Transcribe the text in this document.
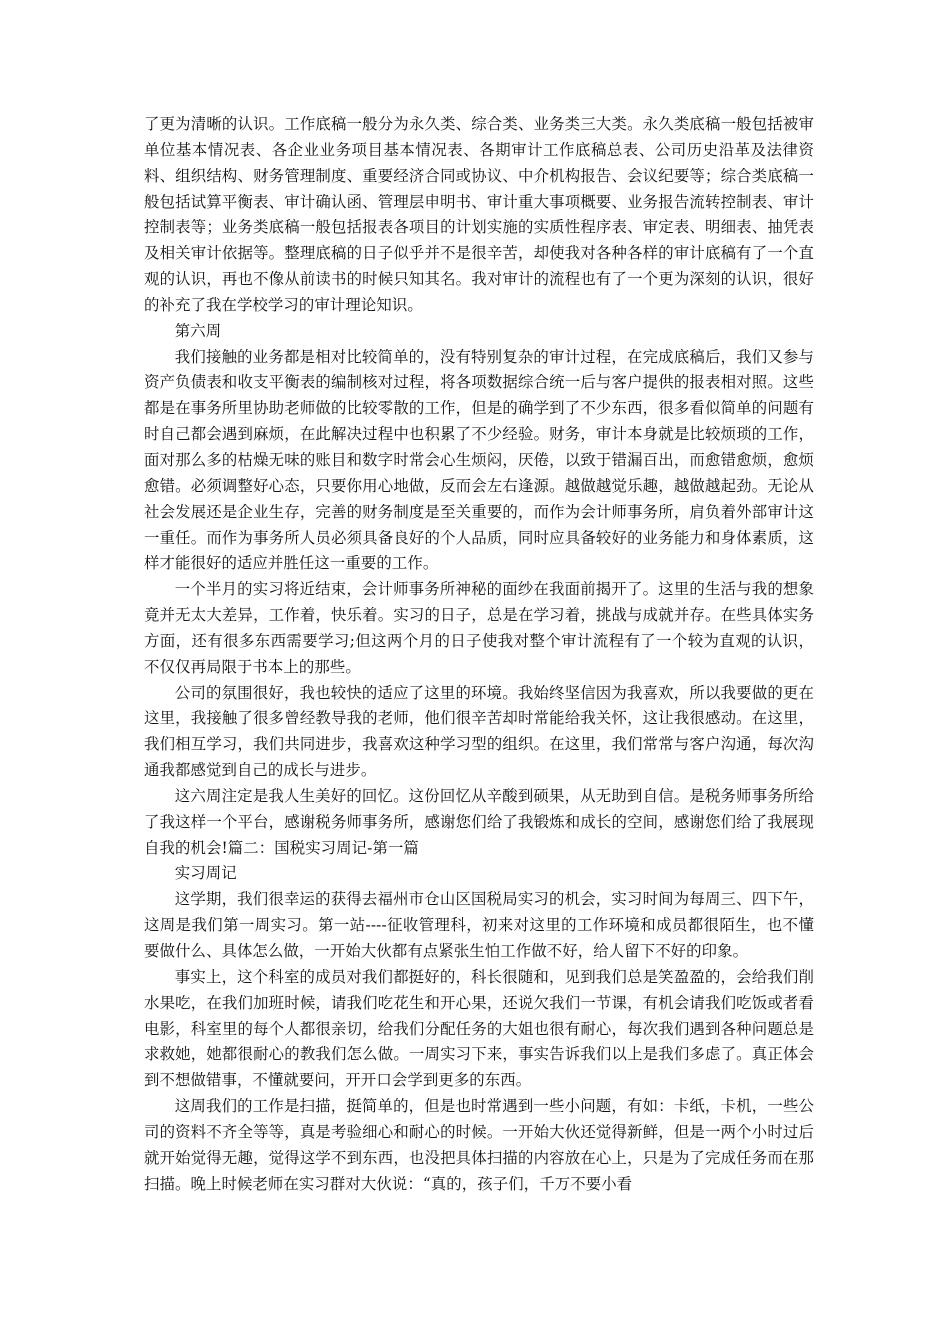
了更为清晰的认识。工作底稿一般分为永久类、综合类、业务类三大类。永久类底稿一般包括被审单位基本情况表、各企业业务项目基本情况表、各期审计工作底稿总表、公司历史沿革及法律资料、组织结构、财务管理制度、重要经济合同或协议、中介机构报告、会议纪要等；综合类底稿一般包括试算平衡表、审计确认函、管理层申明书、审计重大事项概要、业务报告流转控制表、审计控制表等；业务类底稿一般包括报表各项目的计划实施的实质性程序表、审定表、明细表、抽凭表及相关审计依据等。整理底稿的日子似乎并不是很辛苦，却使我对各种各样的审计底稿有了一个直观的认识，再也不像从前读书的时候只知其名。我对审计的流程也有了一个更为深刻的认识，很好的补充了我在学校学习的审计理论知识。

第六周

我们接触的业务都是相对比较简单的，没有特别复杂的审计过程，在完成底稿后，我们又参与资产负债表和收支平衡表的编制核对过程，将各项数据综合统一后与客户提供的报表相对照。这些都是在事务所里协助老师做的比较零散的工作，但是的确学到了不少东西，很多看似简单的问题有时自己都会遇到麻烦，在此解决过程中也积累了不少经验。财务，审计本身就是比较烦琐的工作，面对那么多的枯燥无味的账目和数字时常会心生烦闷，厌倦，以致于错漏百出，而愈错愈烦，愈烦愈错。必须调整好心态，只要你用心地做，反而会左右逢源。越做越觉乐趣，越做越起劲。无论从社会发展还是企业生存，完善的财务制度是至关重要的，而作为会计师事务所，肩负着外部审计这一重任。而作为事务所人员必须具备良好的个人品质，同时应具备较好的业务能力和身体素质，这样才能很好的适应并胜任这一重要的工作。

一个半月的实习将近结束，会计师事务所神秘的面纱在我面前揭开了。这里的生活与我的想象竟并无太大差异，工作着，快乐着。实习的日子，总是在学习着，挑战与成就并存。在些具体实务方面，还有很多东西需要学习;但这两个月的日子使我对整个审计流程有了一个较为直观的认识，不仅仅再局限于书本上的那些。

公司的氛围很好，我也较快的适应了这里的环境。我始终坚信因为我喜欢，所以我要做的更在这里，我接触了很多曾经教导我的老师，他们很辛苦却时常能给我关怀，这让我很感动。在这里，我们相互学习，我们共同进步，我喜欢这种学习型的组织。在这里，我们常常与客户沟通，每次沟通我都感觉到自己的成长与进步。

这六周注定是我人生美好的回忆。这份回忆从辛酸到硕果，从无助到自信。是税务师事务所给了我这样一个平台，感谢税务师事务所，感谢您们给了我锻炼和成长的空间，感谢您们给了我展现自我的机会!篇二：国税实习周记-第一篇

实习周记

这学期，我们很幸运的获得去福州市仓山区国税局实习的机会，实习时间为每周三、四下午，这周是我们第一周实习。第一站----征收管理科，初来对这里的工作环境和成员都很陌生，也不懂要做什么、具体怎么做，一开始大伙都有点紧张生怕工作做不好，给人留下不好的印象。

事实上，这个科室的成员对我们都挺好的，科长很随和，见到我们总是笑盈盈的，会给我们削水果吃，在我们加班时候，请我们吃花生和开心果，还说欠我们一节课，有机会请我们吃饭或者看电影，科室里的每个人都很亲切，给我们分配任务的大姐也很有耐心，每次我们遇到各种问题总是求救她，她都很耐心的教我们怎么做。一周实习下来，事实告诉我们以上是我们多虑了。真正体会到不想做错事，不懂就要问，开开口会学到更多的东西。

这周我们的工作是扫描，挺简单的，但是也时常遇到一些小问题，有如：卡纸，卡机，一些公司的资料不齐全等等，真是考验细心和耐心的时候。一开始大伙还觉得新鲜，但是一两个小时过后就开始觉得无趣，觉得这学不到东西，也没把具体扫描的内容放在心上，只是为了完成任务而在那扫描。晚上时候老师在实习群对大伙说：“真的，孩子们，千万不要小看
